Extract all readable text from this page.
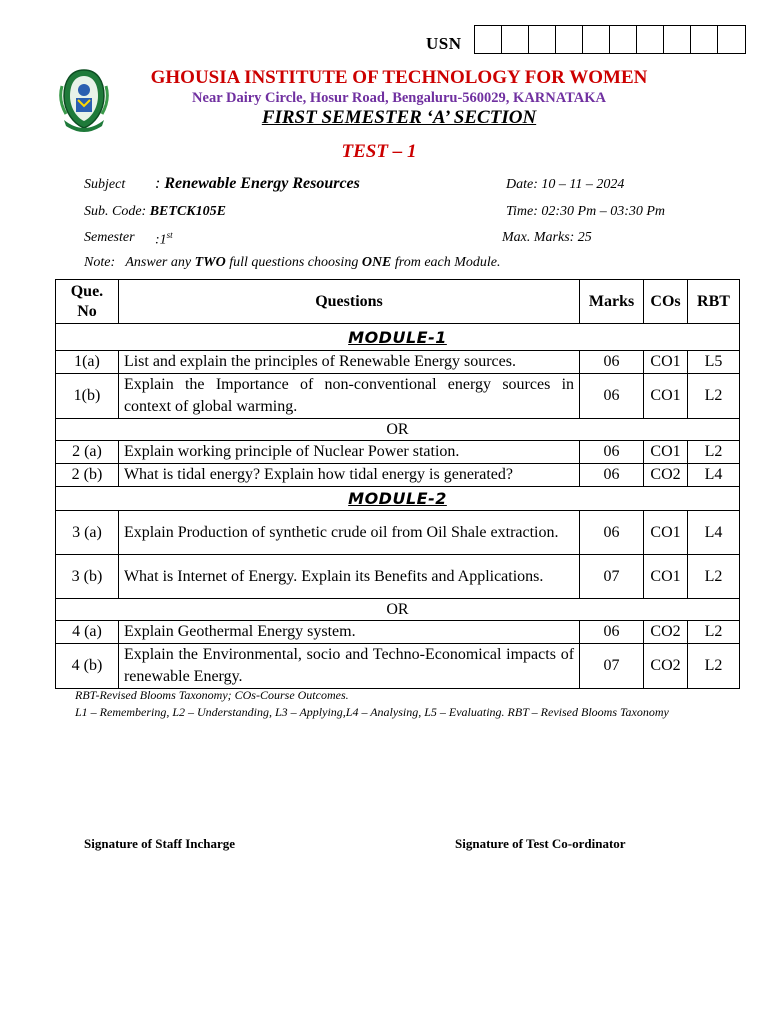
USN
GHOUSIA INSTITUTE OF TECHNOLOGY FOR WOMEN
Near Dairy Circle, Hosur Road, Bengaluru-560029, KARNATAKA
FIRST SEMESTER ‘A’ SECTION
TEST – 1
Subject : Renewable Energy Resources	Date: 10 – 11 – 2024
Sub. Code: BETCK105E	Time: 02:30 Pm – 03:30 Pm
Semester :1st	Max. Marks: 25
Note:   Answer any TWO full questions choosing ONE from each Module.
Que. No	Questions	Marks	COs	RBT
MODULE-1				
1(a)	List and explain the principles of Renewable Energy sources.	06	CO1	L5
1(b)	Explain the Importance of non-conventional energy sources in context of global warming.	06	CO1	L2
OR				
2 (a)	Explain working principle of Nuclear Power station.	06	CO1	L2
2 (b)	What is tidal energy? Explain how tidal energy is generated?	06	CO2	L4
MODULE-2				
3 (a)	Explain Production of synthetic crude oil from Oil Shale extraction.	06	CO1	L4
3 (b)	What is Internet of Energy. Explain its Benefits and Applications.	07	CO1	L2
OR				
4 (a)	Explain Geothermal Energy system.	06	CO2	L2
4 (b)	Explain the Environmental, socio and Techno-Economical impacts of renewable Energy.	07	CO2	L2
RBT-Revised Blooms Taxonomy; COs-Course Outcomes.
L1 – Remembering, L2 – Understanding, L3 – Applying,L4 – Analysing, L5 – Evaluating. RBT – Revised Blooms Taxonomy
Signature of Staff Incharge	Signature of Test Co-ordinator
